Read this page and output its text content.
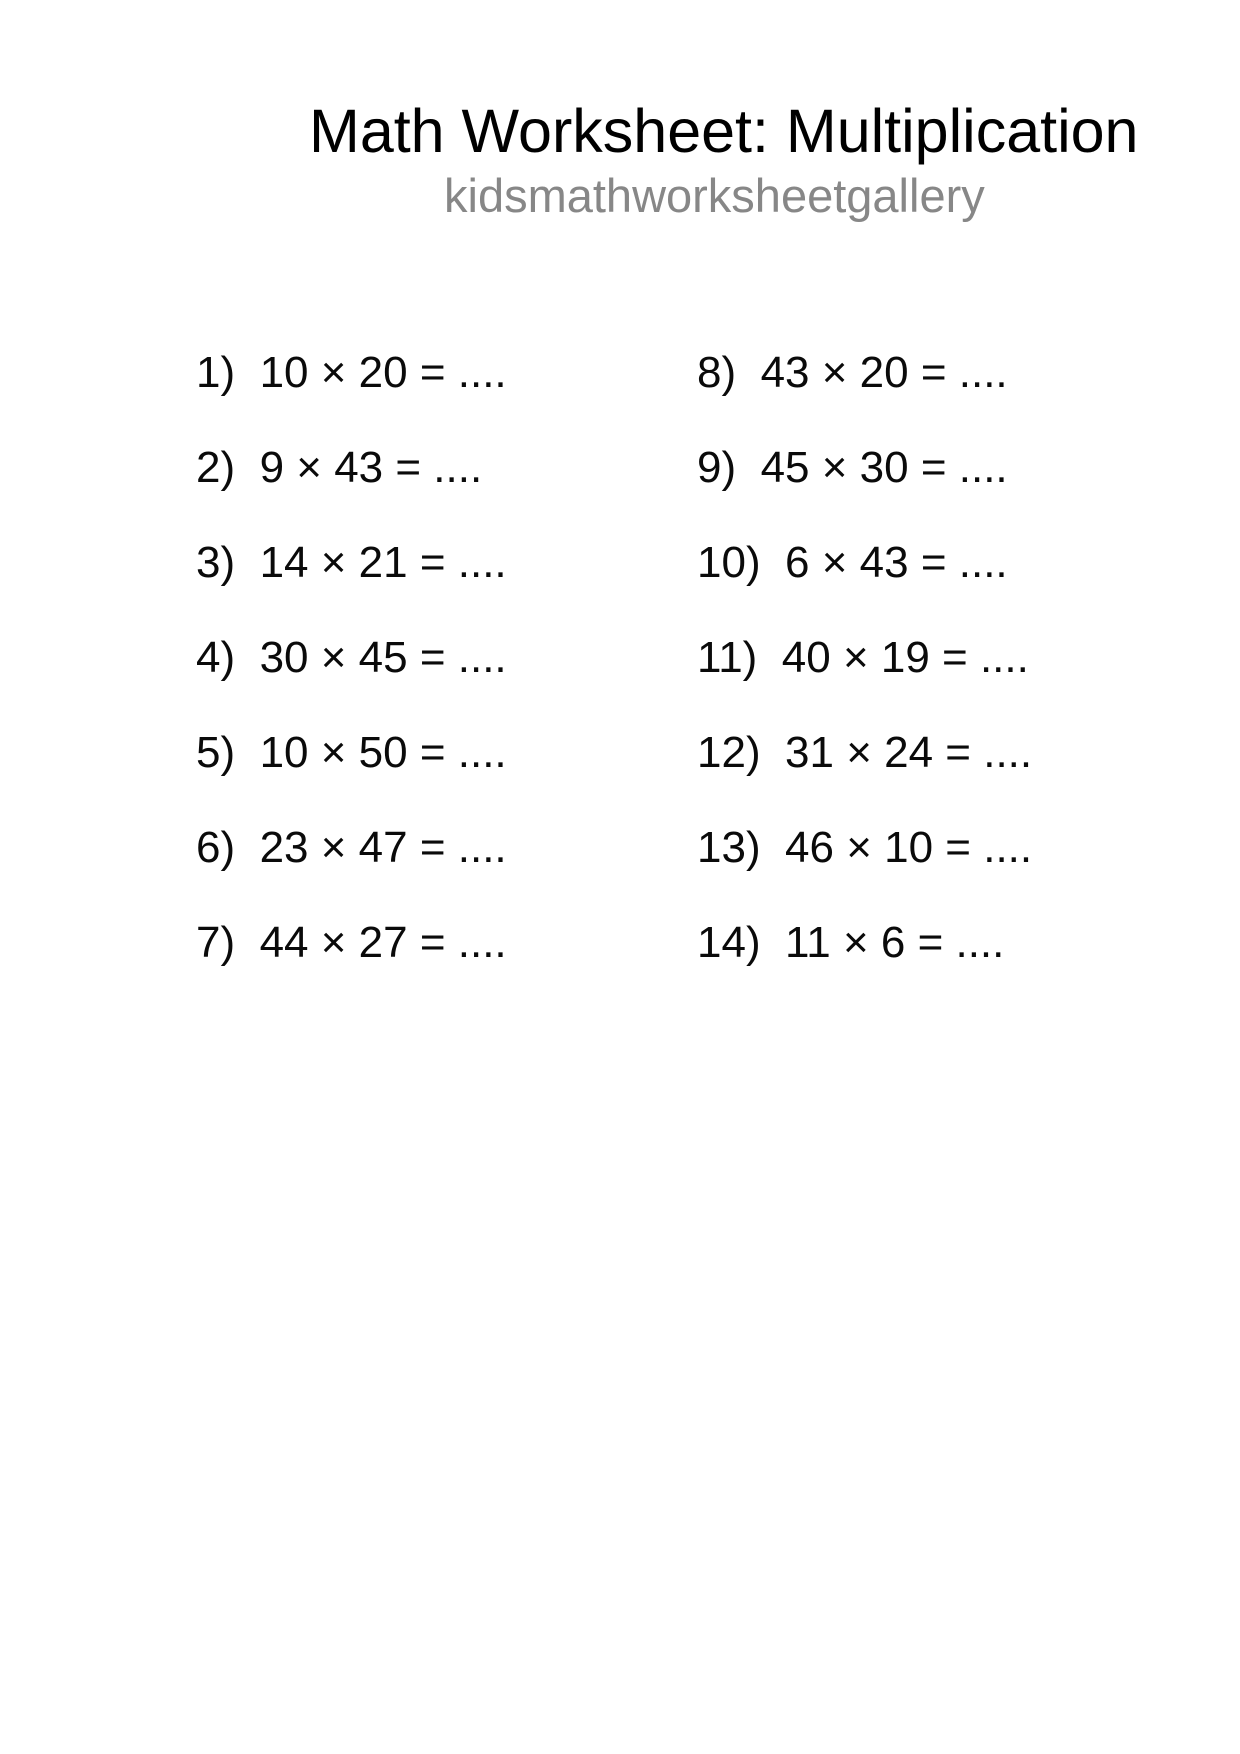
Math Worksheet: Multiplication
kidsmathworksheetgallery
1)  10 × 20 = ....
2)  9 × 43 = ....
3)  14 × 21 = ....
4)  30 × 45 = ....
5)  10 × 50 = ....
6)  23 × 47 = ....
7)  44 × 27 = ....
8)  43 × 20 = ....
9)  45 × 30 = ....
10)  6 × 43 = ....
11)  40 × 19 = ....
12)  31 × 24 = ....
13)  46 × 10 = ....
14)  11 × 6 = ....
